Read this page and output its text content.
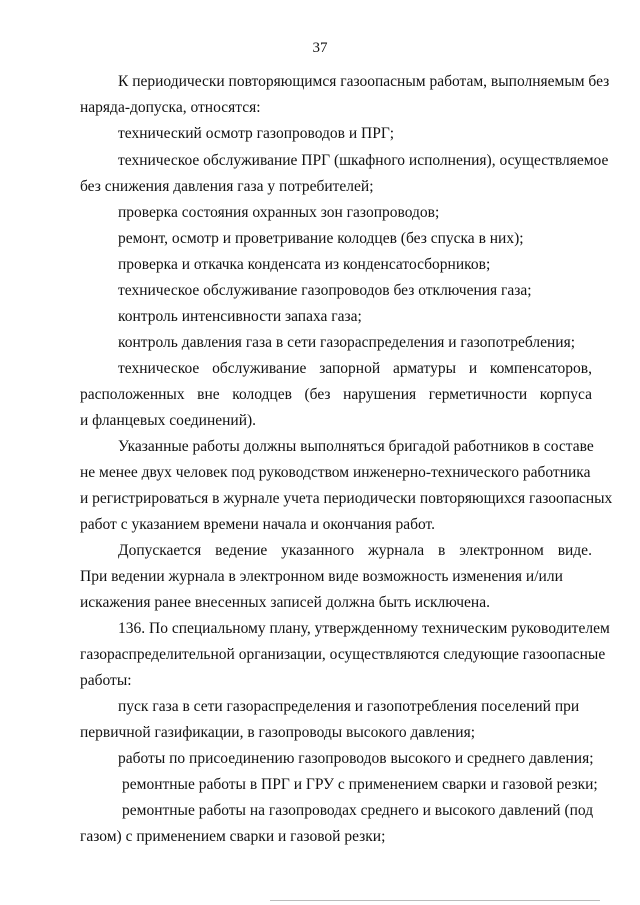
37
К периодически повторяющимся газоопасным работам, выполняемым без
наряда-допуска, относятся:
технический осмотр газопроводов и ПРГ;
техническое обслуживание ПРГ (шкафного исполнения), осуществляемое
без снижения давления газа у потребителей;
проверка состояния охранных зон газопроводов;
ремонт, осмотр и проветривание колодцев (без спуска в них);
проверка и откачка конденсата из конденсатосборников;
техническое обслуживание газопроводов без отключения газа;
контроль интенсивности запаха газа;
контроль давления газа в сети газораспределения и газопотребления;
техническое обслуживание запорной арматуры и компенсаторов,
расположенных вне колодцев (без нарушения герметичности корпуса
и фланцевых соединений).
Указанные работы должны выполняться бригадой работников в составе
не менее двух человек под руководством инженерно-технического работника
и регистрироваться в журнале учета периодически повторяющихся газоопасных
работ с указанием времени начала и окончания работ.
Допускается ведение указанного журнала в электронном виде.
При ведении журнала в электронном виде возможность изменения и/или
искажения ранее внесенных записей должна быть исключена.
136. По специальному плану, утвержденному техническим руководителем
газораспределительной организации, осуществляются следующие газоопасные
работы:
пуск газа в сети газораспределения и газопотребления поселений при
первичной газификации, в газопроводы высокого давления;
работы по присоединению газопроводов высокого и среднего давления;
ремонтные работы в ПРГ и ГРУ с применением сварки и газовой резки;
ремонтные работы на газопроводах среднего и высокого давлений (под
газом) с применением сварки и газовой резки;
